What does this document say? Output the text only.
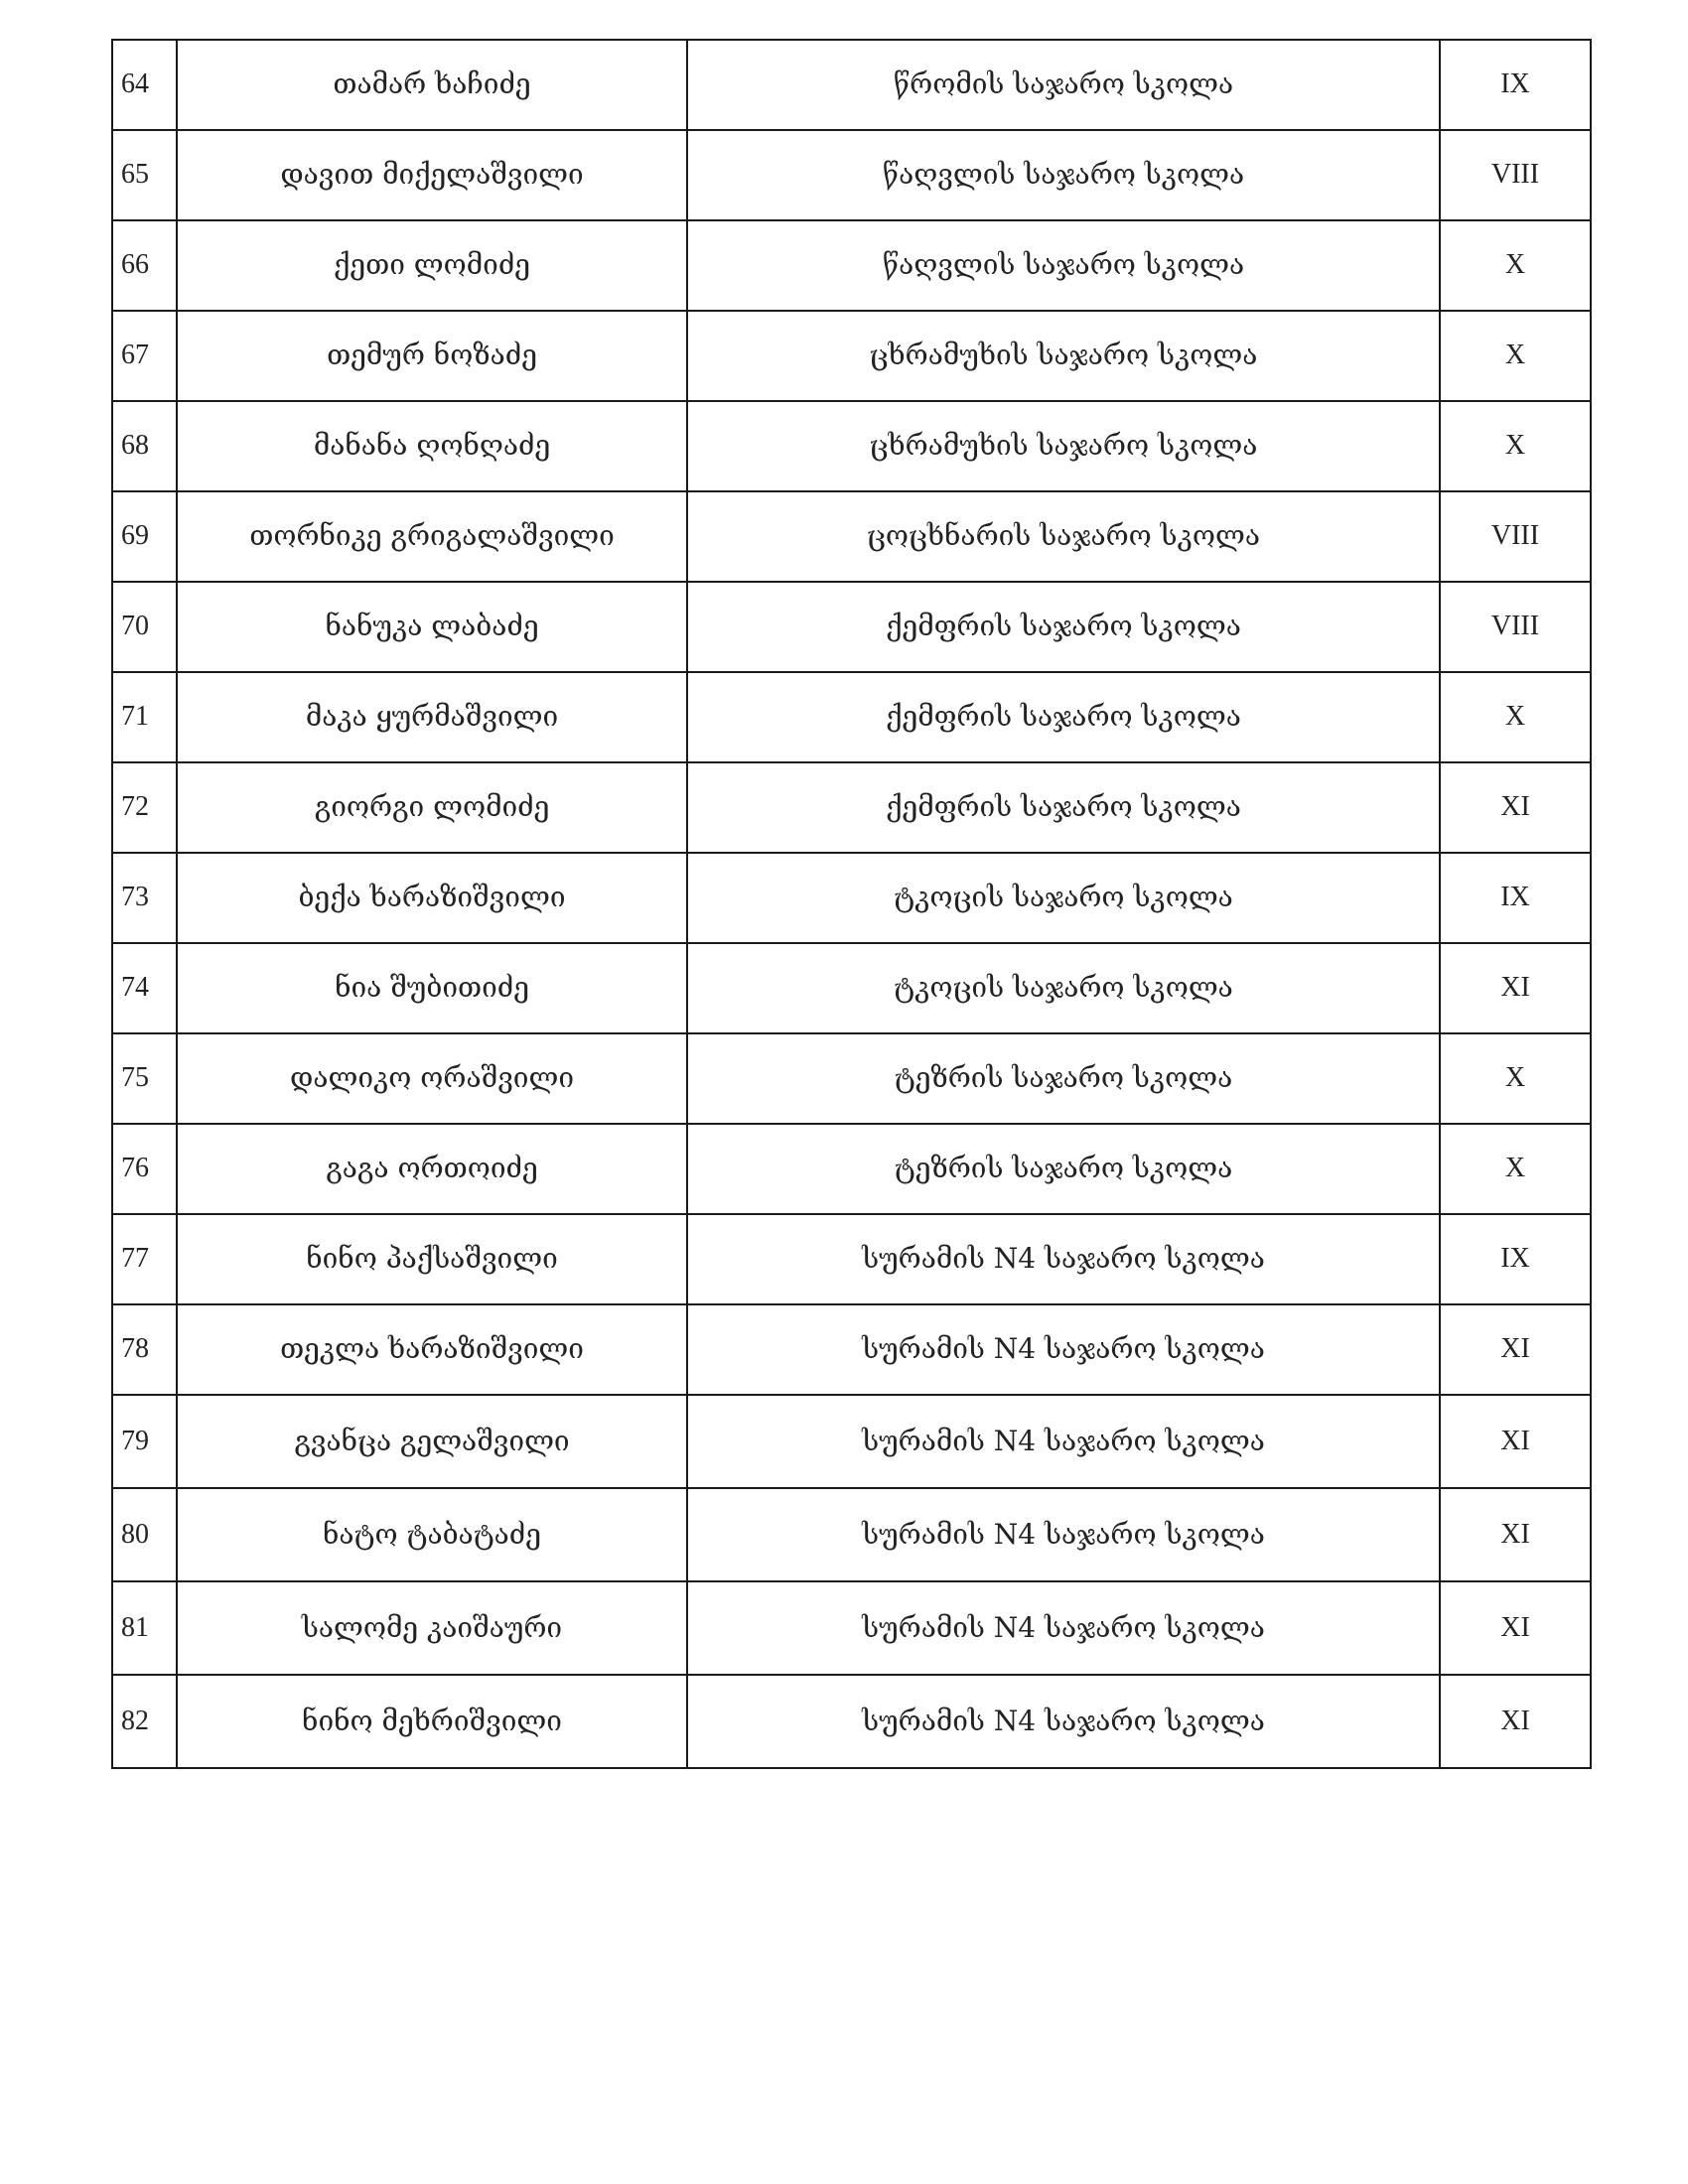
64	თამარ ხაჩიძე	წრომის საჯარო სკოლა	IX
65	დავით მიქელაშვილი	წაღვლის საჯარო სკოლა	VIII
66	ქეთი ლომიძე	წაღვლის საჯარო სკოლა	X
67	თემურ ნოზაძე	ცხრამუხის საჯარო სკოლა	X
68	მანანა ღონღაძე	ცხრამუხის საჯარო სკოლა	X
69	თორნიკე გრიგალაშვილი	ცოცხნარის საჯარო სკოლა	VIII
70	ნანუკა ლაბაძე	ქემფრის საჯარო სკოლა	VIII
71	მაკა ყურმაშვილი	ქემფრის საჯარო სკოლა	X
72	გიორგი ლომიძე	ქემფრის საჯარო სკოლა	XI
73	ბექა ხარაზიშვილი	ტკოცის საჯარო სკოლა	IX
74	ნია შუბითიძე	ტკოცის საჯარო სკოლა	XI
75	დალიკო ორაშვილი	ტეზრის საჯარო სკოლა	X
76	გაგა ორთოიძე	ტეზრის საჯარო სკოლა	X
77	ნინო პაქსაშვილი	სურამის N4 საჯარო სკოლა	IX
78	თეკლა ხარაზიშვილი	სურამის N4 საჯარო სკოლა	XI
79	გვანცა გელაშვილი	სურამის N4 საჯარო სკოლა	XI
80	ნატო ტაბატაძე	სურამის N4 საჯარო სკოლა	XI
81	სალომე კაიშაური	სურამის N4 საჯარო სკოლა	XI
82	ნინო მეხრიშვილი	სურამის N4 საჯარო სკოლა	XI
